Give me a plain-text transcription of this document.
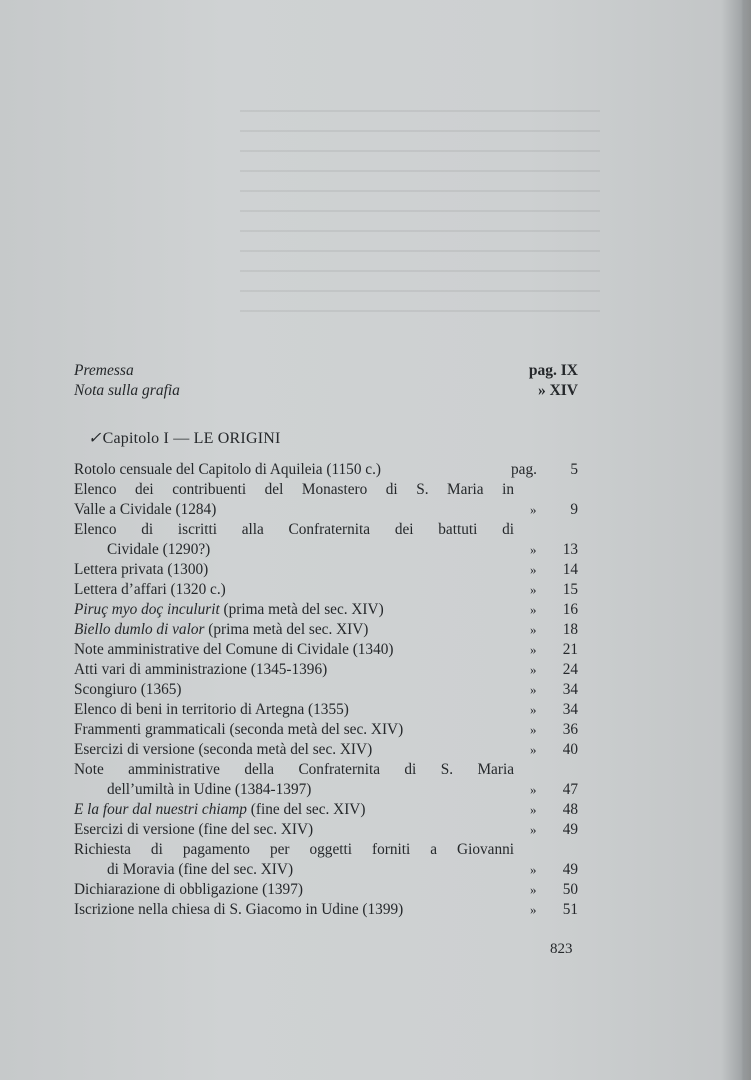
Premessa	pag. IX
Nota sulla grafia	» XIV
✓Capitolo I — LE ORIGINI
Rotolo censuale del Capitolo di Aquileia (1150 c.)	pag. 5
Elenco dei contribuenti del Monastero di S. Maria in
Valle a Cividale (1284)	» 9
Elenco di iscritti alla Confraternita dei battuti di
Cividale (1290?)	» 13
Lettera privata (1300)	» 14
Lettera d’affari (1320 c.)	» 15
Piruç myo doç inculurit (prima metà del sec. XIV)	» 16
Biello dumlo di valor (prima metà del sec. XIV)	» 18
Note amministrative del Comune di Cividale (1340)	» 21
Atti vari di amministrazione (1345-1396)	» 24
Scongiuro (1365)	» 34
Elenco di beni in territorio di Artegna (1355)	» 34
Frammenti grammaticali (seconda metà del sec. XIV)	» 36
Esercizi di versione (seconda metà del sec. XIV)	» 40
Note amministrative della Confraternita di S. Maria
dell’umiltà in Udine (1384-1397)	» 47
E la four dal nuestri chiamp (fine del sec. XIV)	» 48
Esercizi di versione (fine del sec. XIV)	» 49
Richiesta di pagamento per oggetti forniti a Giovanni
di Moravia (fine del sec. XIV)	» 49
Dichiarazione di obbligazione (1397)	» 50
Iscrizione nella chiesa di S. Giacomo in Udine (1399)	» 51
823
